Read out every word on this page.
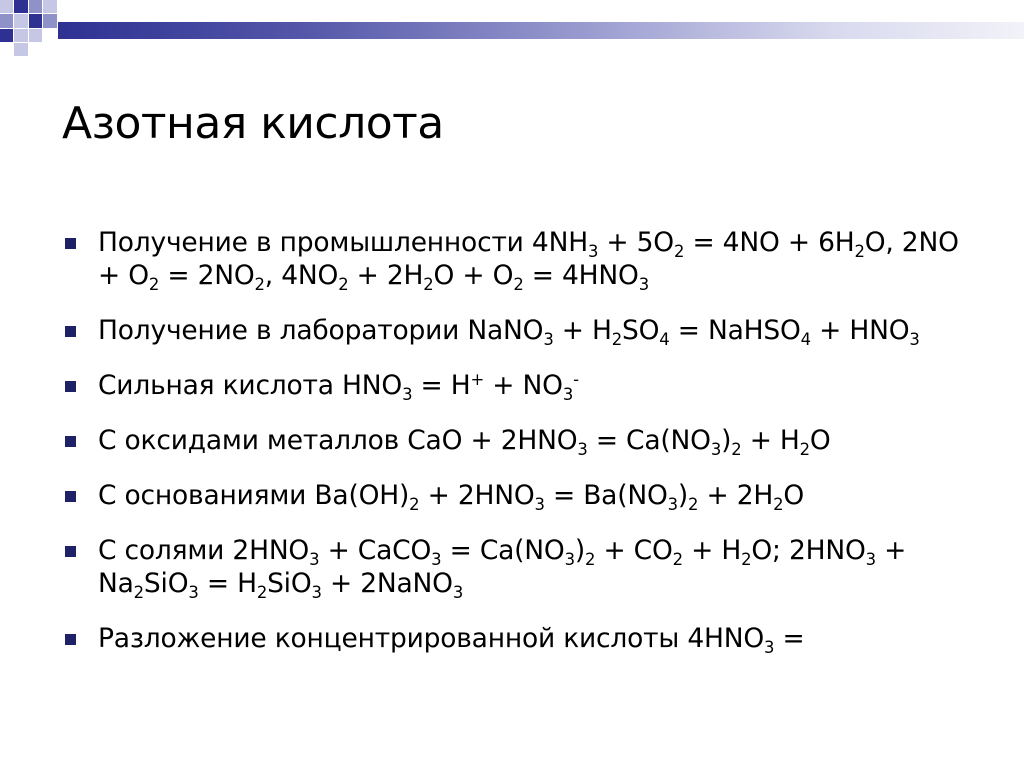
Азотная кислота
Получение в промышленности $4NH_3 + 5O_2 = 4NO + 6H_2O$, $2NO + O_2 = 2NO_2$, $4NO_2 + 2H_2O + O_2 = 4HNO_3$
Получение в лаборатории NaNO$_3$ + $H_2SO_4$ = NaHSO$_4$ + $HNO_3$
Сильная кислота $HNO_3 = H^+ + NO_3^-$
С оксидами металлов CaO + $2HNO_3 = Ca(NO_3)_2 + H_2O$
С основаниями $Ba(OH)_2 + 2HNO_3 = Ba(NO_3)_2 + 2H_2O$
С солями $2HNO_3$ + CaCO$_3$ = $Ca(NO_3)_2 + CO_2 + H_2O$; $2HNO_3 + Na_2SiO_3 = H_2SiO_3$ + 2NaNO$_3$
Разложение концентрированной кислоты $4HNO_3$ =
